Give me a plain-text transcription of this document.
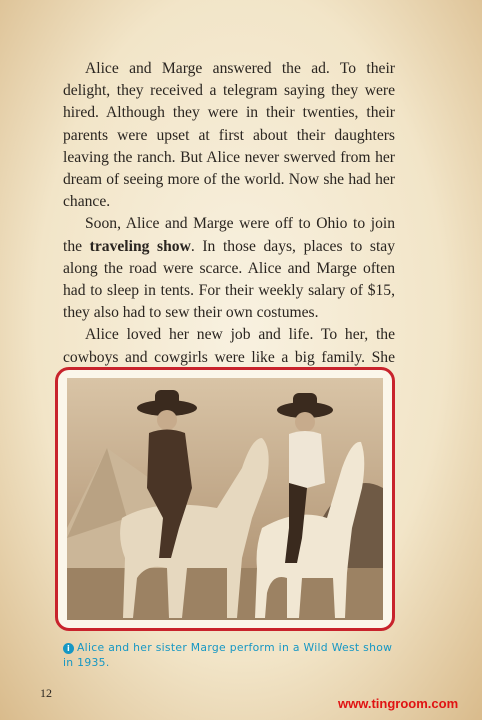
Alice and Marge answered the ad. To their delight, they received a telegram saying they were hired. Although they were in their twenties, their parents were upset at first about their daughters leaving the ranch. But Alice never swerved from her dream of seeing more of the world. Now she had her chance.

Soon, Alice and Marge were off to Ohio to join the traveling show. In those days, places to stay along the road were scarce. Alice and Marge often had to sleep in tents. For their weekly salary of $15, they also had to sew their own costumes.

Alice loved her new job and life. To her, the cowboys and cowgirls were like a big family. She

i Alice and her sister Marge perform in a Wild West show in 1935.
12
www.tingroom.com
